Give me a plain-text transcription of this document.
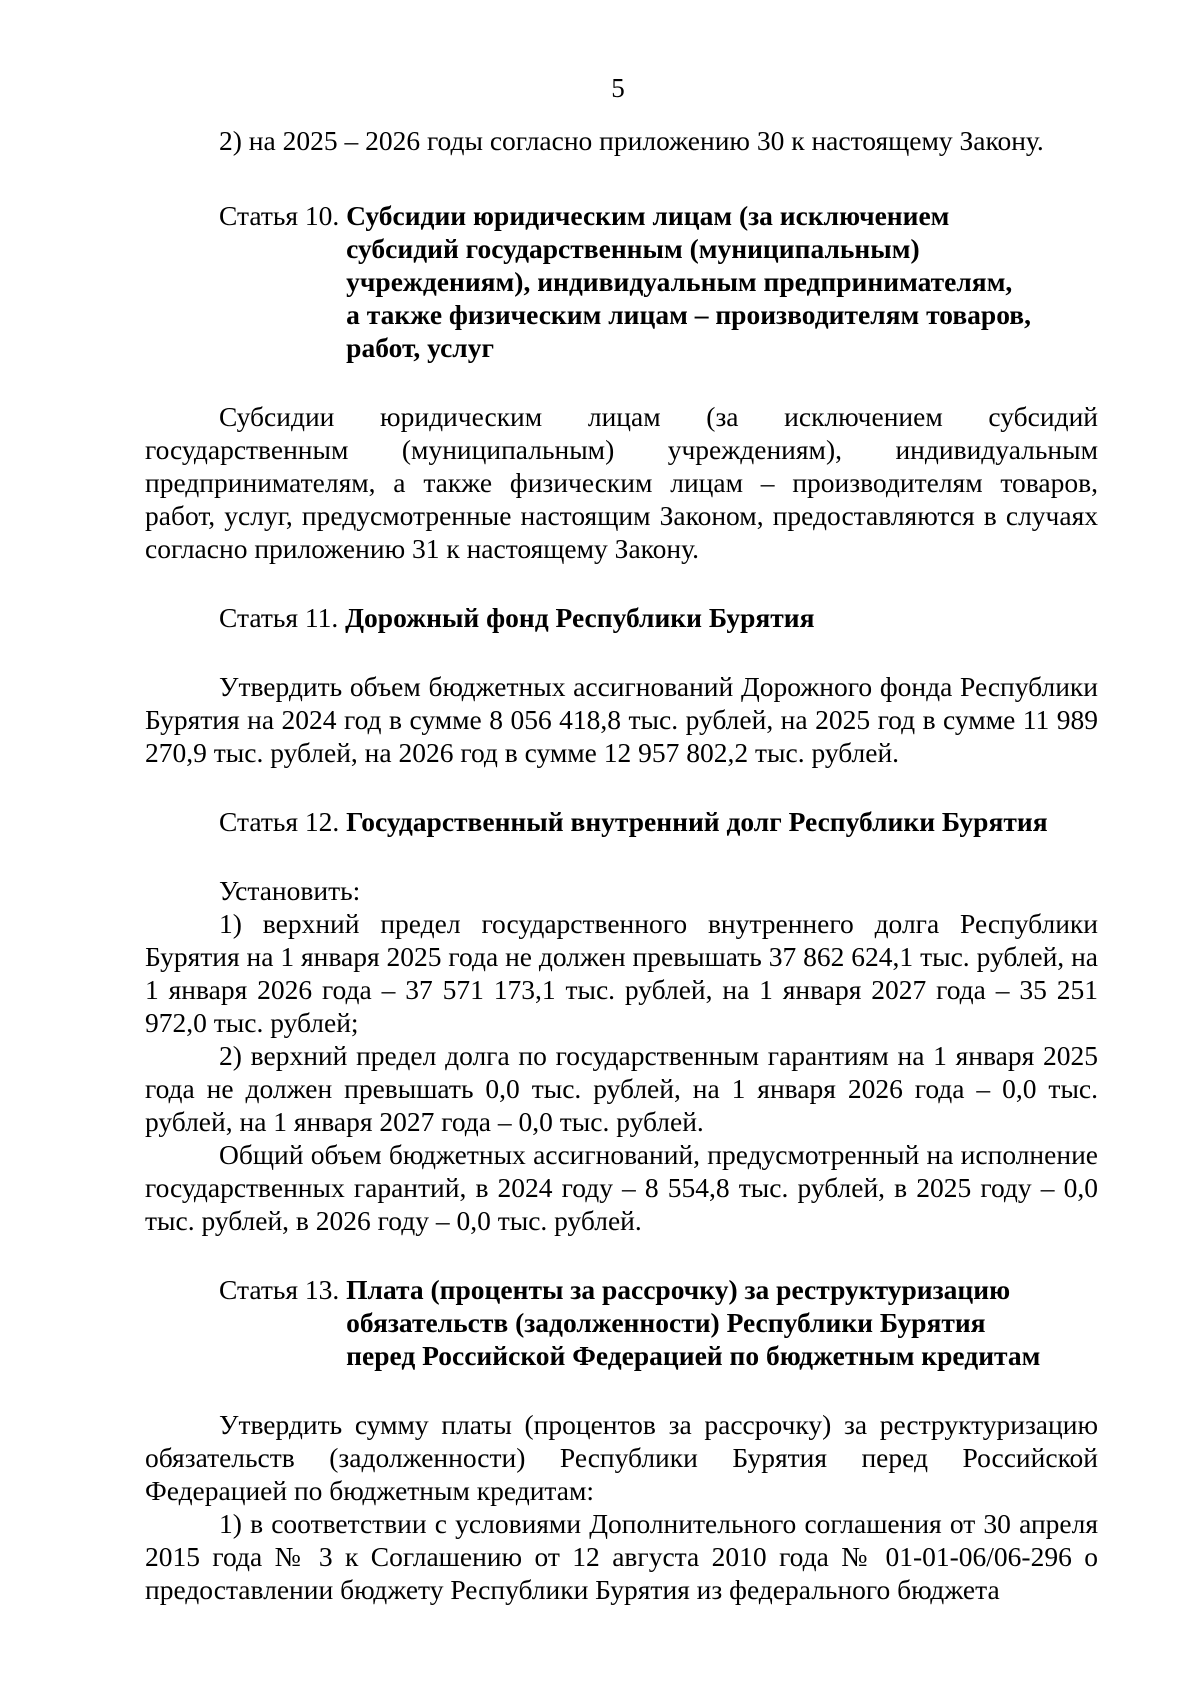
5

2) на 2025 – 2026 годы согласно приложению 30 к настоящему Закону.

Статья 10. Субсидии юридическим лицам (за исключением
субсидий государственным (муниципальным)
учреждениям), индивидуальным предпринимателям,
а также физическим лицам – производителям товаров,
работ, услуг

Субсидии юридическим лицам (за исключением субсидий государственным (муниципальным) учреждениям), индивидуальным предпринимателям, а также физическим лицам – производителям товаров, работ, услуг, предусмотренные настоящим Законом, предоставляются в случаях согласно приложению 31 к настоящему Закону.

Статья 11. Дорожный фонд Республики Бурятия

Утвердить объем бюджетных ассигнований Дорожного фонда Республики Бурятия на 2024 год в сумме 8 056 418,8 тыс. рублей, на 2025 год в сумме 11 989 270,9 тыс. рублей, на 2026 год в сумме 12 957 802,2 тыс. рублей.

Статья 12. Государственный внутренний долг Республики Бурятия

Установить:

1) верхний предел государственного внутреннего долга Республики Бурятия на 1 января 2025 года не должен превышать 37 862 624,1 тыс. рублей, на 1 января 2026 года – 37 571 173,1 тыс. рублей, на 1 января 2027 года – 35 251 972,0 тыс. рублей;

2) верхний предел долга по государственным гарантиям на 1 января 2025 года не должен превышать 0,0 тыс. рублей, на 1 января 2026 года – 0,0 тыс. рублей, на 1 января 2027 года – 0,0 тыс. рублей.

Общий объем бюджетных ассигнований, предусмотренный на исполнение государственных гарантий, в 2024 году – 8 554,8 тыс. рублей, в 2025 году – 0,0 тыс. рублей, в 2026 году – 0,0 тыс. рублей.

Статья 13. Плата (проценты за рассрочку) за реструктуризацию
обязательств (задолженности) Республики Бурятия
перед Российской Федерацией по бюджетным кредитам

Утвердить сумму платы (процентов за рассрочку) за реструктуризацию обязательств (задолженности) Республики Бурятия перед Российской Федерацией по бюджетным кредитам:

1) в соответствии с условиями Дополнительного соглашения от 30 апреля 2015 года № 3 к Соглашению от 12 августа 2010 года № 01-01-06/06-296 о предоставлении бюджету Республики Бурятия из федерального бюджета
